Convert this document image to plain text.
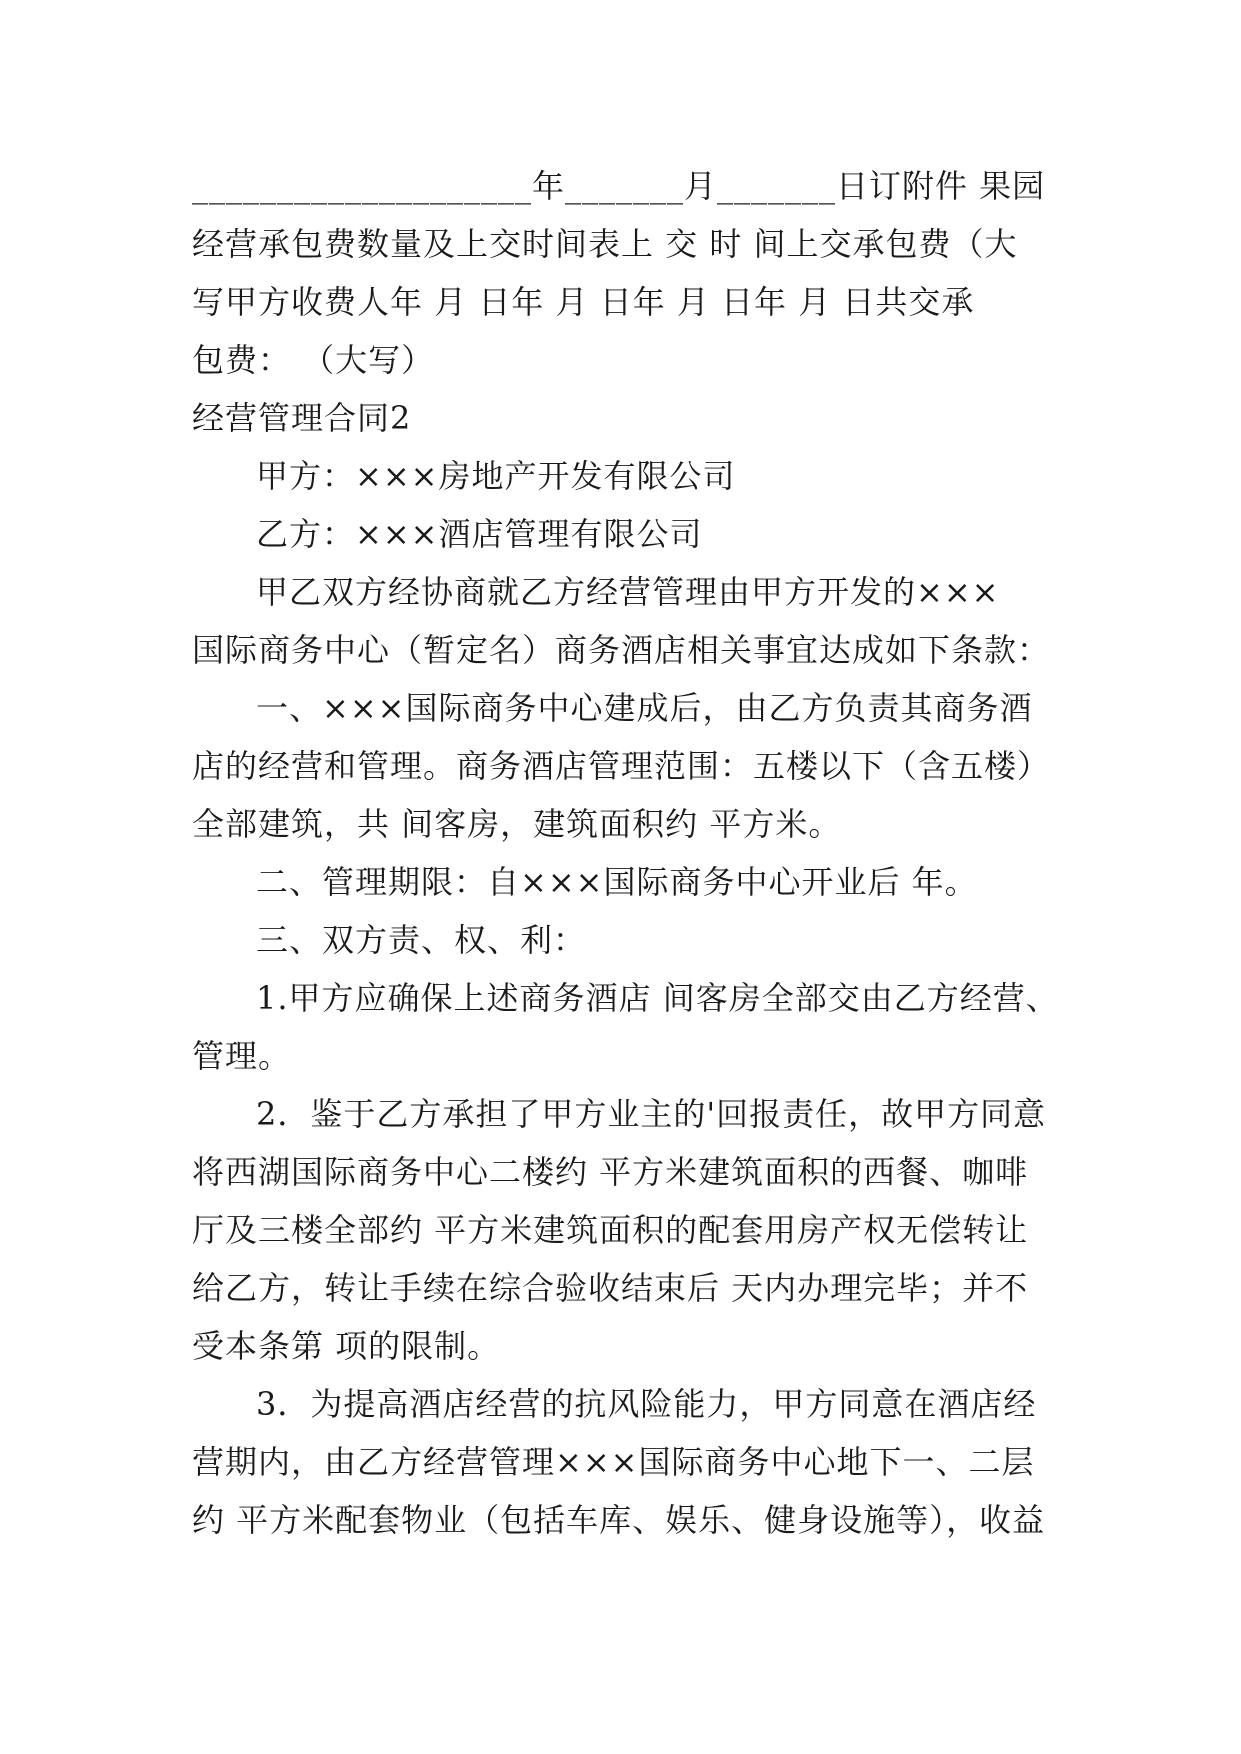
____________________年_______月_______日订附件 果园
经营承包费数量及上交时间表上 交 时 间上交承包费（大
写甲方收费人年 月 日年 月 日年 月 日年 月 日共交承
包费： （大写）
经营管理合同2
甲方：×××房地产开发有限公司
乙方：×××酒店管理有限公司
甲乙双方经协商就乙方经营管理由甲方开发的×××
国际商务中心（暂定名）商务酒店相关事宜达成如下条款：
一、×××国际商务中心建成后，由乙方负责其商务酒
店的经营和管理。商务酒店管理范围：五楼以下（含五楼）
全部建筑，共 间客房，建筑面积约 平方米。
二、管理期限：自×××国际商务中心开业后 年。
三、双方责、权、利：
1.甲方应确保上述商务酒店 间客房全部交由乙方经营、
管理。
2．鉴于乙方承担了甲方业主的'回报责任，故甲方同意
将西湖国际商务中心二楼约 平方米建筑面积的西餐、咖啡
厅及三楼全部约 平方米建筑面积的配套用房产权无偿转让
给乙方，转让手续在综合验收结束后 天内办理完毕；并不
受本条第 项的限制。
3．为提高酒店经营的抗风险能力，甲方同意在酒店经
营期内，由乙方经营管理×××国际商务中心地下一、二层
约 平方米配套物业（包括车库、娱乐、健身设施等），收益
